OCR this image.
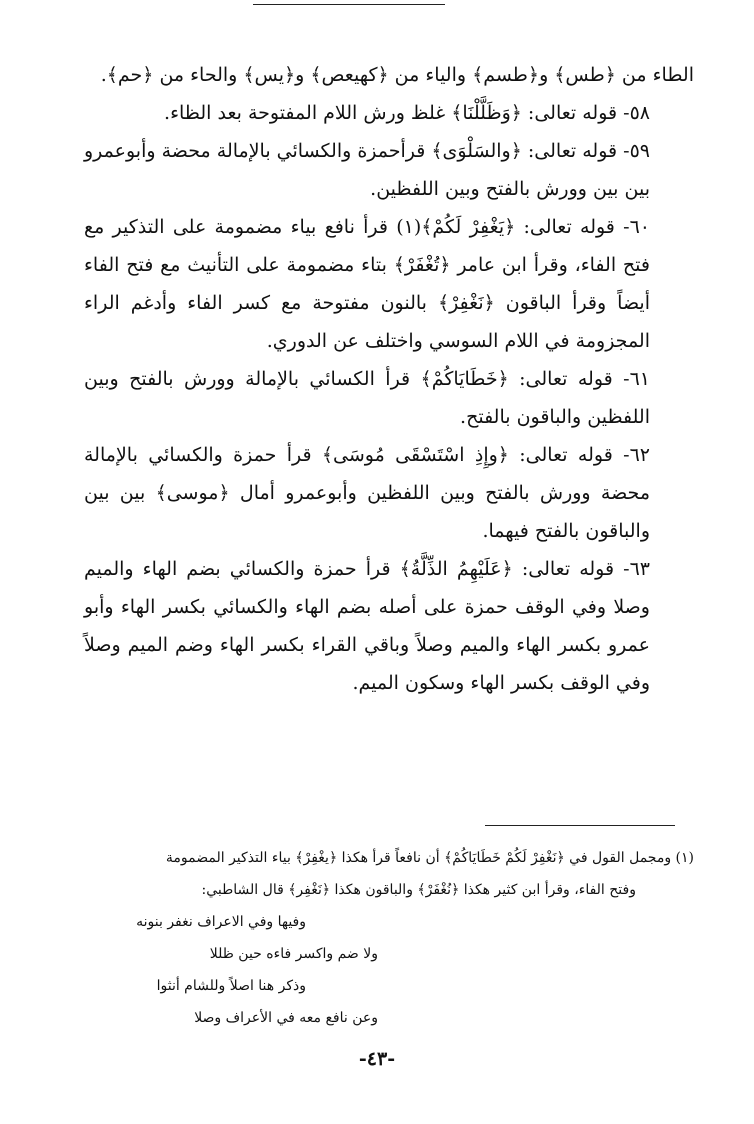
الطاء من ﴿طس﴾ و﴿طسم﴾ والياء من ﴿كهيعص﴾ و﴿يس﴾ والحاء من ﴿حم﴾.

٥٨- قوله تعالى: ﴿وَظَلَّلْنَا﴾ غلظ ورش اللام المفتوحة بعد الظاء.

٥٩- قوله تعالى: ﴿والسَلْوَى﴾ قرأحمزة والكسائي بالإمالة محضة وأبوعمرو بين بين وورش بالفتح وبين اللفظين.

٦٠- قوله تعالى: ﴿يَغْفِرْ لَكُمْ﴾(١) قرأ نافع بياء مضمومة على التذكير مع فتح الفاء، وقرأ ابن عامر ﴿تُغْفَرْ﴾ بتاء مضمومة على التأنيث مع فتح الفاء أيضاً وقرأ الباقون ﴿نَغْفِرْ﴾ بالنون مفتوحة مع كسر الفاء وأدغم الراء المجزومة في اللام السوسي واختلف عن الدوري.

٦١- قوله تعالى: ﴿خَطَايَاكُمْ﴾ قرأ الكسائي بالإمالة وورش بالفتح وبين اللفظين والباقون بالفتح.

٦٢- قوله تعالى: ﴿وإِذِ اسْتَسْقَى مُوسَى﴾ قرأ حمزة والكسائي بالإمالة محضة وورش بالفتح وبين اللفظين وأبوعمرو أمال ﴿موسى﴾ بين بين والباقون بالفتح فيهما.

٦٣- قوله تعالى: ﴿عَلَيْهِمُ الذِّلَّةُ﴾ قرأ حمزة والكسائي بضم الهاء والميم وصلا وفي الوقف حمزة على أصله بضم الهاء والكسائي بكسر الهاء وأبو عمرو بكسر الهاء والميم وصلاً وباقي القراء بكسر الهاء وضم الميم وصلاً وفي الوقف بكسر الهاء وسكون الميم.

(١) ومجمل القول في ﴿نَغْفِرْ لَكُمْ خَطَايَاكُمْ﴾ أن نافعاً قرأ هكذا ﴿يغْفِرْ﴾ بياء التذكير المضمومة
وفتح الفاء، وقرأ ابن كثير هكذا ﴿نُغْفَرْ﴾ والباقون هكذا ﴿نَغْفِر﴾ قال الشاطبي:
وفيها وفي الاعراف نغفر بنونه
ولا ضم واكسر فاءه حين ظللا
وذكر هنا اصلاً وللشام أنثوا
وعن نافع معه في الأعراف وصلا
-٤٣-
